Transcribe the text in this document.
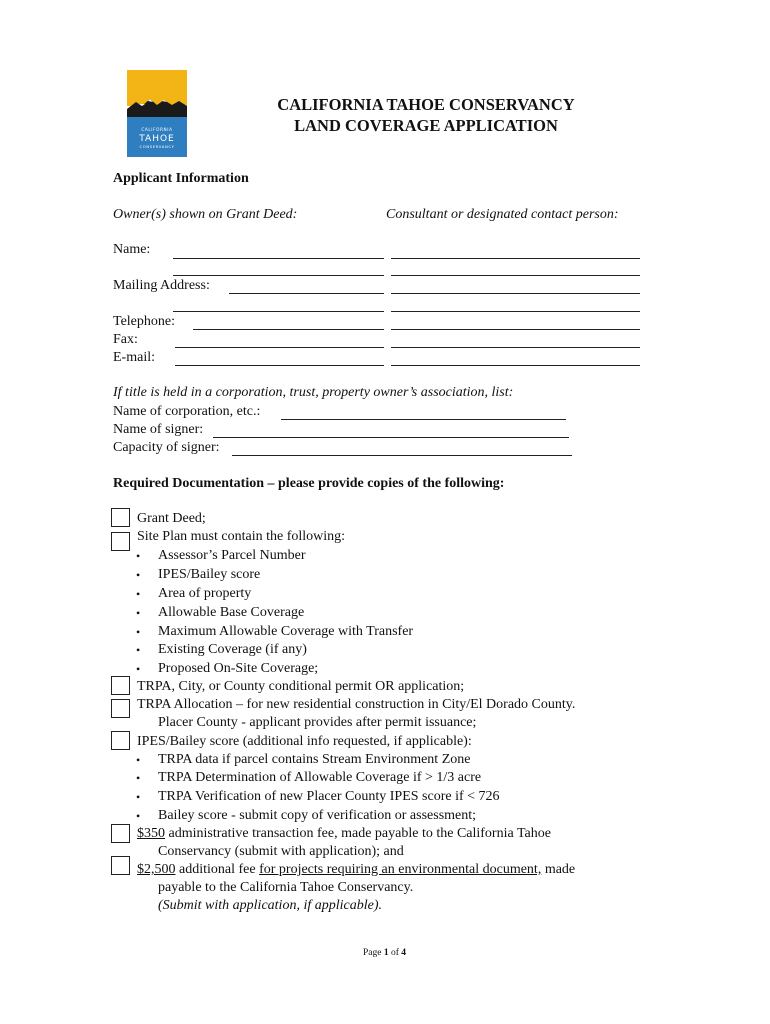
CALIFORNIA
TAHOE
CONSERVANCY
CALIFORNIA TAHOE CONSERVANCY
LAND COVERAGE APPLICATION
Applicant Information
Owner(s) shown on Grant Deed:	Consultant or designated contact person:
Name:
Mailing Address:
Telephone:
Fax:
E-mail:
If title is held in a corporation, trust, property owner’s association, list:
Name of corporation, etc.:
Name of signer:
Capacity of signer:
Required Documentation – please provide copies of the following:
Grant Deed;
Site Plan must contain the following:
• Assessor’s Parcel Number
• IPES/Bailey score
• Area of property
• Allowable Base Coverage
• Maximum Allowable Coverage with Transfer
• Existing Coverage (if any)
• Proposed On-Site Coverage;
TRPA, City, or County conditional permit OR application;
TRPA Allocation – for new residential construction in City/El Dorado County.
Placer County - applicant provides after permit issuance;
IPES/Bailey score (additional info requested, if applicable):
• TRPA data if parcel contains Stream Environment Zone
• TRPA Determination of Allowable Coverage if > 1/3 acre
• TRPA Verification of new Placer County IPES score if < 726
• Bailey score - submit copy of verification or assessment;
$350 administrative transaction fee, made payable to the California Tahoe
Conservancy (submit with application); and
$2,500 additional fee for projects requiring an environmental document, made
payable to the California Tahoe Conservancy.
(Submit with application, if applicable).
Page 1 of 4
